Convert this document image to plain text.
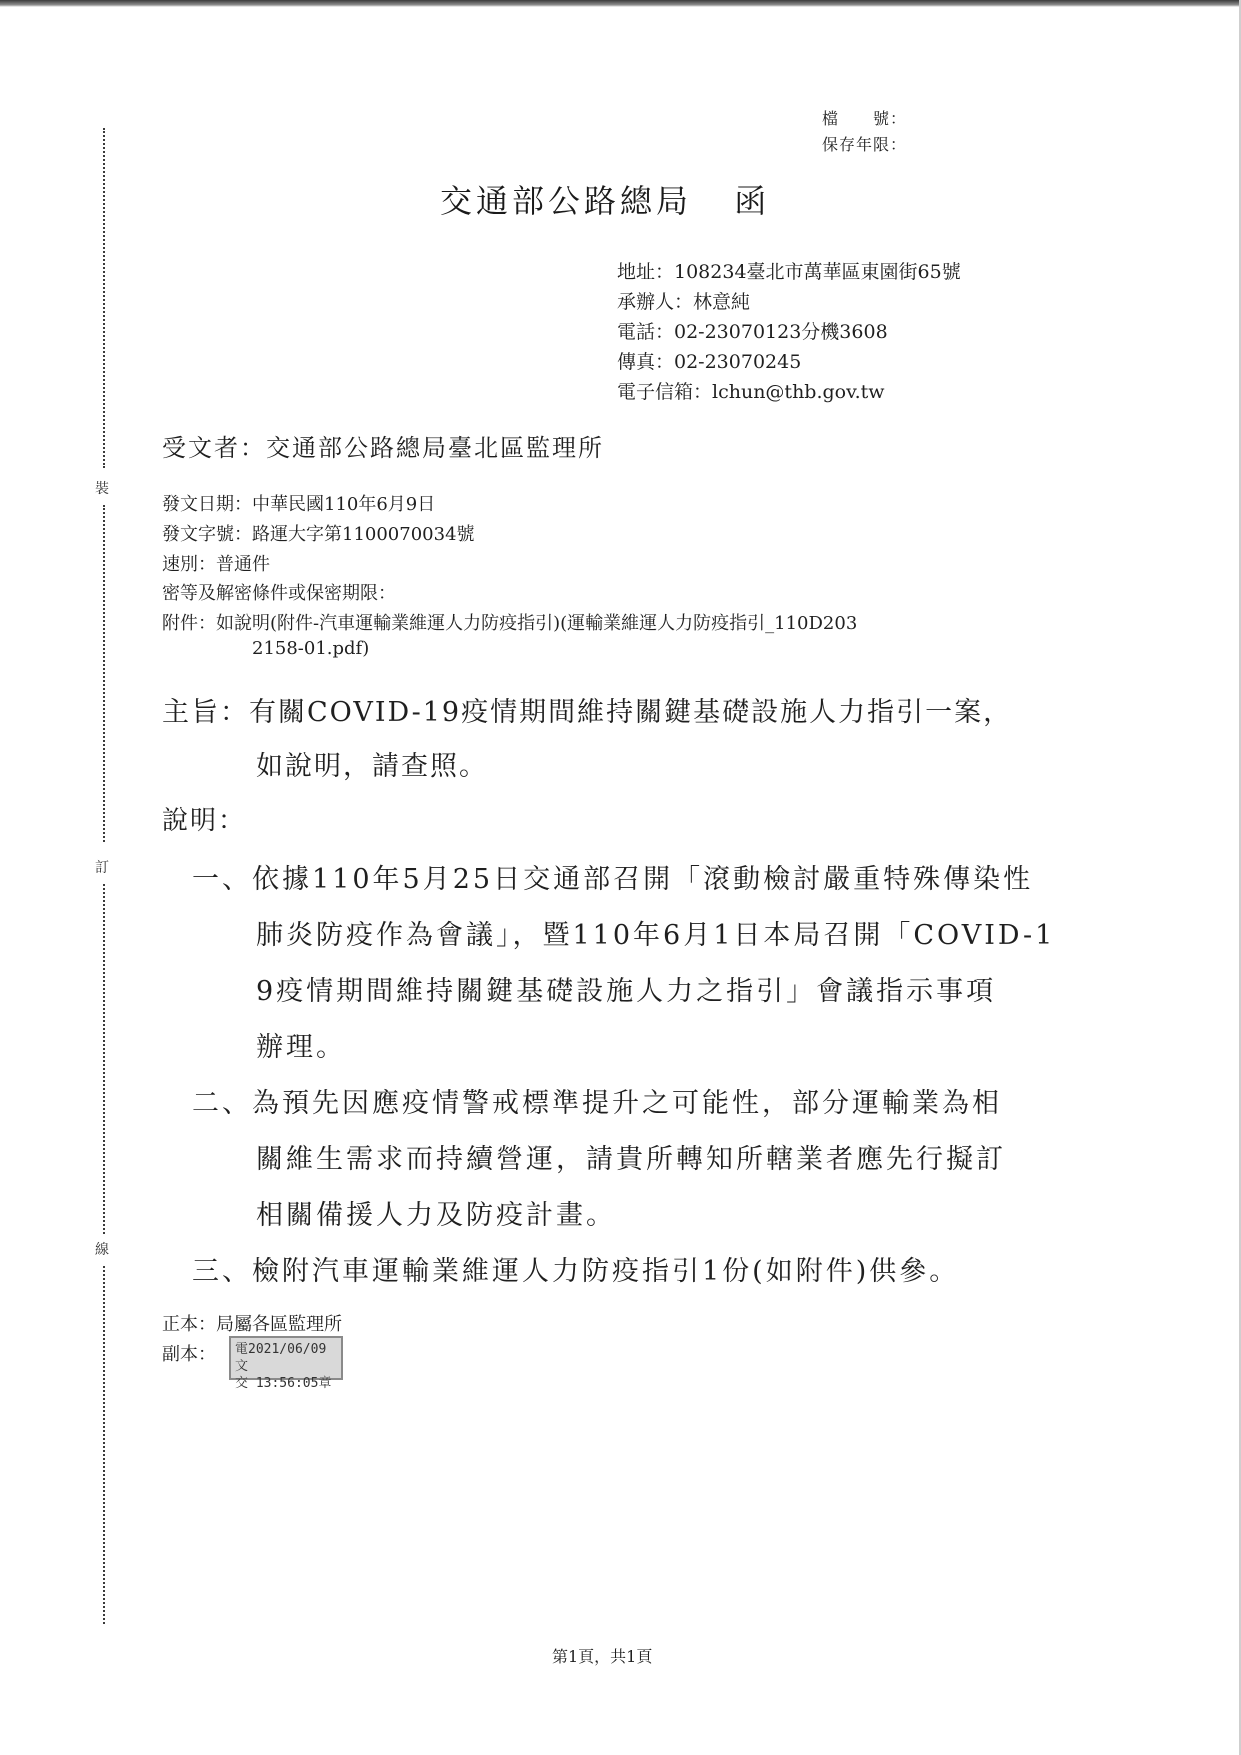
裝
訂
線
檔　　號：
保存年限：
交通部公路總局 函
地址：108234臺北市萬華區東園街65號
承辦人：林意純
電話：02-23070123分機3608
傳真：02-23070245
電子信箱：lchun@thb.gov.tw
受文者：交通部公路總局臺北區監理所
發文日期：中華民國110年6月9日
發文字號：路運大字第1100070034號
速別：普通件
密等及解密條件或保密期限：
附件：如說明(附件-汽車運輸業維運人力防疫指引)(運輸業維運人力防疫指引_110D203
2158-01.pdf)
主旨：有關COVID-19疫情期間維持關鍵基礎設施人力指引一案，
如說明，請查照。
說明：
一、依據110年5月25日交通部召開「滾動檢討嚴重特殊傳染性
肺炎防疫作為會議」，暨110年6月1日本局召開「COVID-1
9疫情期間維持關鍵基礎設施人力之指引」會議指示事項
辦理。
二、為預先因應疫情警戒標準提升之可能性，部分運輸業為相
關維生需求而持續營運，請貴所轉知所轄業者應先行擬訂
相關備援人力及防疫計畫。
三、檢附汽車運輸業維運人力防疫指引1份(如附件)供參。
正本：局屬各區監理所
副本： 電2021/06/09文
交 13:56:05章
第1頁，共1頁
